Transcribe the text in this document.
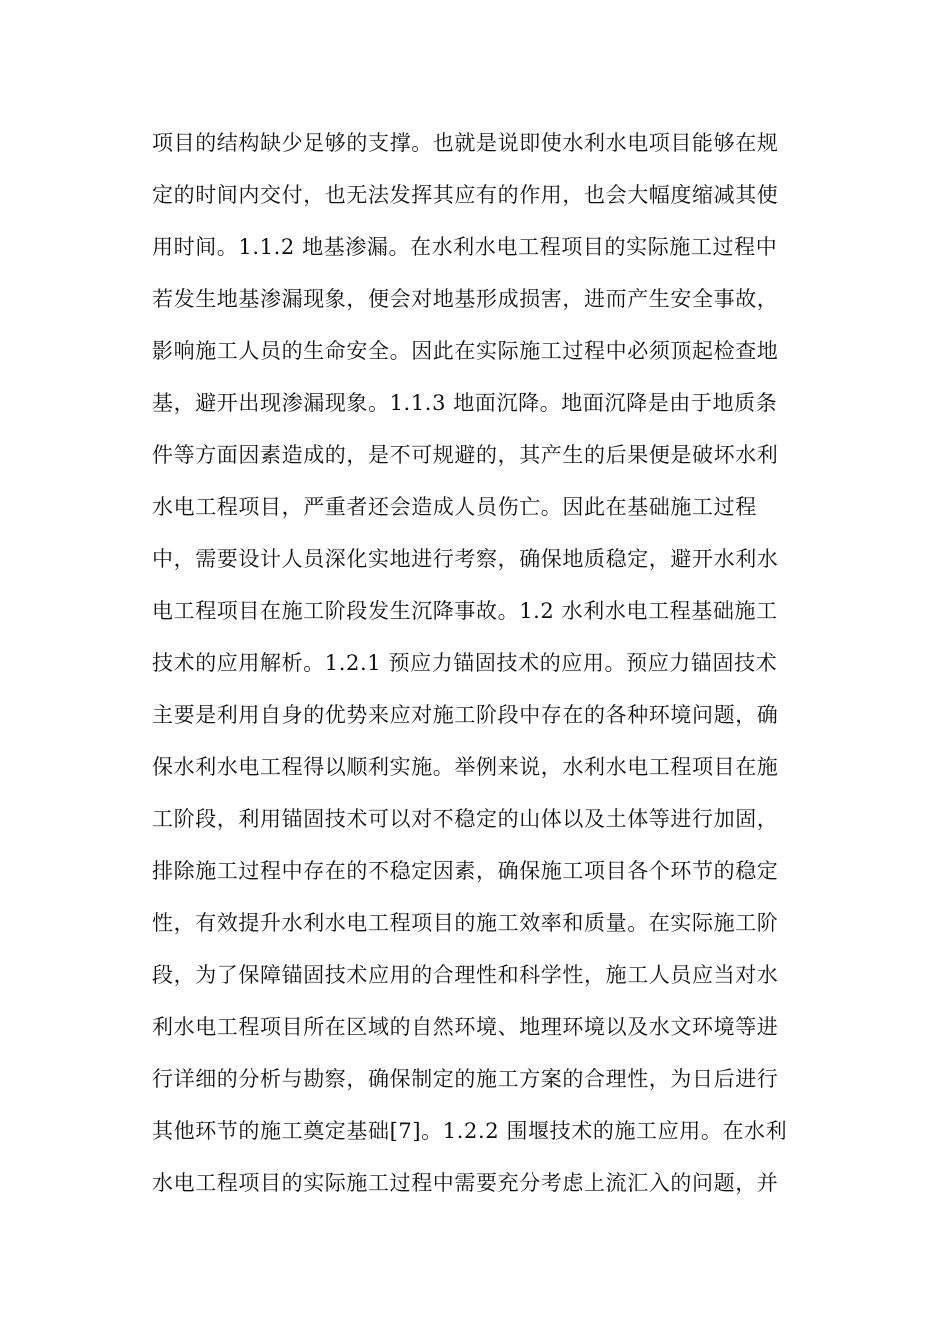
项目的结构缺少足够的支撑。也就是说即使水利水电项目能够在规
定的时间内交付，也无法发挥其应有的作用，也会大幅度缩减其使
用时间。1.1.2 地基渗漏。在水利水电工程项目的实际施工过程中
若发生地基渗漏现象，便会对地基形成损害，进而产生安全事故，
影响施工人员的生命安全。因此在实际施工过程中必须顶起检查地
基，避开出现渗漏现象。1.1.3 地面沉降。地面沉降是由于地质条
件等方面因素造成的，是不可规避的，其产生的后果便是破坏水利
水电工程项目，严重者还会造成人员伤亡。因此在基础施工过程
中，需要设计人员深化实地进行考察，确保地质稳定，避开水利水
电工程项目在施工阶段发生沉降事故。1.2 水利水电工程基础施工
技术的应用解析。1.2.1 预应力锚固技术的应用。预应力锚固技术
主要是利用自身的优势来应对施工阶段中存在的各种环境问题，确
保水利水电工程得以顺利实施。举例来说，水利水电工程项目在施
工阶段，利用锚固技术可以对不稳定的山体以及土体等进行加固，
排除施工过程中存在的不稳定因素，确保施工项目各个环节的稳定
性，有效提升水利水电工程项目的施工效率和质量。在实际施工阶
段，为了保障锚固技术应用的合理性和科学性，施工人员应当对水
利水电工程项目所在区域的自然环境、地理环境以及水文环境等进
行详细的分析与勘察，确保制定的施工方案的合理性，为日后进行
其他环节的施工奠定基础[7]。1.2.2 围堰技术的施工应用。在水利
水电工程项目的实际施工过程中需要充分考虑上流汇入的问题，并
